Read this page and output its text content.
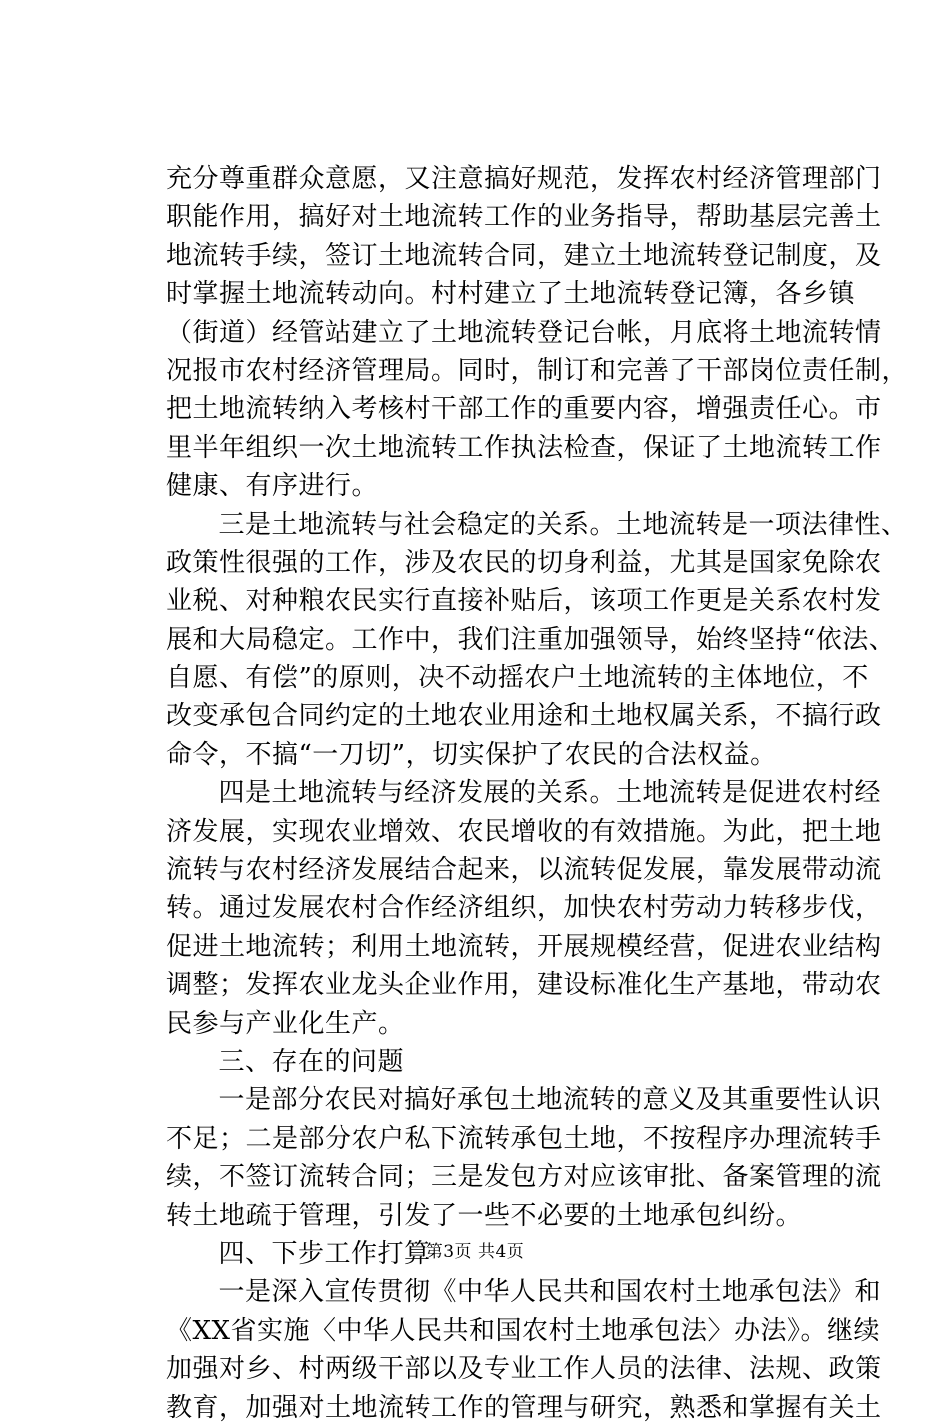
充分尊重群众意愿，又注意搞好规范，发挥农村经济管理部门
职能作用，搞好对土地流转工作的业务指导，帮助基层完善土
地流转手续，签订土地流转合同，建立土地流转登记制度，及
时掌握土地流转动向。村村建立了土地流转登记簿，各乡镇
（街道）经管站建立了土地流转登记台帐，月底将土地流转情
况报市农村经济管理局。同时，制订和完善了干部岗位责任制，
把土地流转纳入考核村干部工作的重要内容，增强责任心。市
里半年组织一次土地流转工作执法检查，保证了土地流转工作
健康、有序进行。
　三是土地流转与社会稳定的关系。土地流转是一项法律性、
政策性很强的工作，涉及农民的切身利益，尤其是国家免除农
业税、对种粮农民实行直接补贴后，该项工作更是关系农村发
展和大局稳定。工作中，我们注重加强领导，始终坚持“依法、
自愿、有偿”的原则，决不动摇农户土地流转的主体地位，不
改变承包合同约定的土地农业用途和土地权属关系，不搞行政
命令，不搞“一刀切”，切实保护了农民的合法权益。
　四是土地流转与经济发展的关系。土地流转是促进农村经
济发展，实现农业增效、农民增收的有效措施。为此，把土地
流转与农村经济发展结合起来，以流转促发展，靠发展带动流
转。通过发展农村合作经济组织，加快农村劳动力转移步伐，
促进土地流转；利用土地流转，开展规模经营，促进农业结构
调整；发挥农业龙头企业作用，建设标准化生产基地，带动农
民参与产业化生产。
　三、存在的问题
　一是部分农民对搞好承包土地流转的意义及其重要性认识
不足；二是部分农户私下流转承包土地，不按程序办理流转手
续，不签订流转合同；三是发包方对应该审批、备案管理的流
转土地疏于管理，引发了一些不必要的土地承包纠纷。
　四、下步工作打算
　一是深入宣传贯彻《中华人民共和国农村土地承包法》和
《XX省实施〈中华人民共和国农村土地承包法〉办法》。继续
加强对乡、村两级干部以及专业工作人员的法律、法规、政策
教育，加强对土地流转工作的管理与研究，熟悉和掌握有关土
第3页 共4页
